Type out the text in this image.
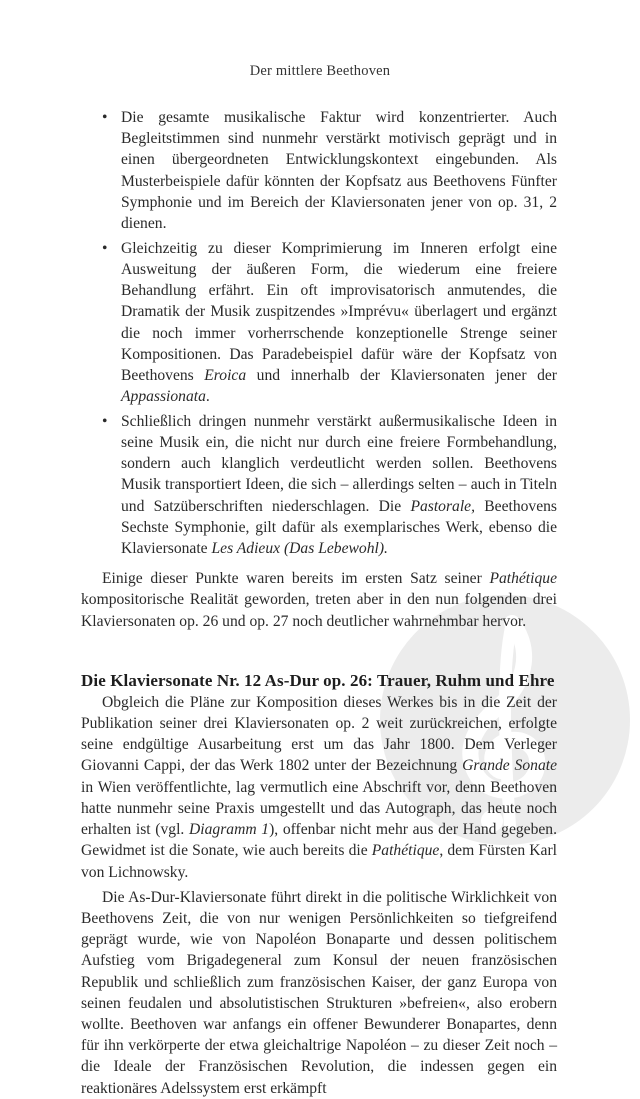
Der mittlere Beethoven
• Die gesamte musikalische Faktur wird konzentrierter. Auch Begleitstimmen sind nunmehr verstärkt motivisch geprägt und in einen übergeordneten Entwicklungskontext eingebunden. Als Musterbeispiele dafür könnten der Kopfsatz aus Beethovens Fünfter Symphonie und im Bereich der Klaviersonaten jener von op. 31, 2 dienen.
• Gleichzeitig zu dieser Komprimierung im Inneren erfolgt eine Ausweitung der äußeren Form, die wiederum eine freiere Behandlung erfährt. Ein oft improvisatorisch anmutendes, die Dramatik der Musik zuspitzendes »Imprévu« überlagert und ergänzt die noch immer vorherrschende konzeptionelle Strenge seiner Kompositionen. Das Paradebeispiel dafür wäre der Kopfsatz von Beethovens Eroica und innerhalb der Klaviersonaten jener der Appassionata.
• Schließlich dringen nunmehr verstärkt außermusikalische Ideen in seine Musik ein, die nicht nur durch eine freiere Formbehandlung, sondern auch klanglich verdeutlicht werden sollen. Beethovens Musik transportiert Ideen, die sich – allerdings selten – auch in Titeln und Satzüberschriften niederschlagen. Die Pastorale, Beethovens Sechste Symphonie, gilt dafür als exemplarisches Werk, ebenso die Klaviersonate Les Adieux (Das Lebewohl).

Einige dieser Punkte waren bereits im ersten Satz seiner Pathétique kompositorische Realität geworden, treten aber in den nun folgenden drei Klaviersonaten op. 26 und op. 27 noch deutlicher wahrnehmbar hervor.

Die Klaviersonate Nr. 12 As-Dur op. 26: Trauer, Ruhm und Ehre

Obgleich die Pläne zur Komposition dieses Werkes bis in die Zeit der Publikation seiner drei Klaviersonaten op. 2 weit zurückreichen, erfolgte seine endgültige Ausarbeitung erst um das Jahr 1800. Dem Verleger Giovanni Cappi, der das Werk 1802 unter der Bezeichnung Grande Sonate in Wien veröffentlichte, lag vermutlich eine Abschrift vor, denn Beethoven hatte nunmehr seine Praxis umgestellt und das Autograph, das heute noch erhalten ist (vgl. Diagramm 1), offenbar nicht mehr aus der Hand gegeben. Gewidmet ist die Sonate, wie auch bereits die Pathétique, dem Fürsten Karl von Lichnowsky.

Die As-Dur-Klaviersonate führt direkt in die politische Wirklichkeit von Beethovens Zeit, die von nur wenigen Persönlichkeiten so tiefgreifend geprägt wurde, wie von Napoléon Bonaparte und dessen politischem Aufstieg vom Brigadegeneral zum Konsul der neuen französischen Republik und schließlich zum französischen Kaiser, der ganz Europa von seinen feudalen und absolutistischen Strukturen »befreien«, also erobern wollte. Beethoven war anfangs ein offener Bewunderer Bonapartes, denn für ihn verkörperte der etwa gleichaltrige Napoléon – zu dieser Zeit noch – die Ideale der Französischen Revolution, die indessen gegen ein reaktionäres Adelssystem erst erkämpft
